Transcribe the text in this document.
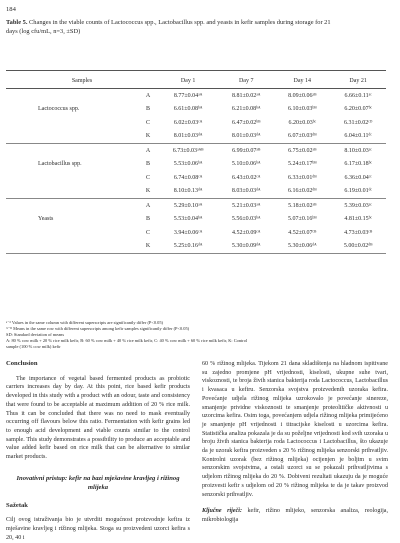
184
Table 5. Changes in the viable counts of Lactococcus spp., Lactobacillus spp. and yeasts in kefir samples during storage for 21 days (log cfu/mL, n=3, ±SD)
Samples		Day 1	Day 7	Day 14	Day 21
	A	8.77±0.04ᵃᴬ	8.81±0.02ᵃᴬ	8.09±0.06ᵃᴮ	6.66±0.11ᵃᶜ
Lactococcus spp.	B	6.61±0.08ᵇᴬ	6.21±0.08ᵇᴬ	6.10±0.03ᵇᴮ	6.20±0.07ᵇᶜ
	C	6.02±0.03ᶜᴬ	6.47±0.02ᵇᴮ	6.20±0.03ᵇᶜ	6.31±0.02ᶜᴰ
	K	8.01±0.03ᵈᴬ	8.01±0.03ᵈᴬ	6.07±0.03ᵈᴮ	6.04±0.11ᵈᶜ
	A	6.73±0.03ᵃᴬᴮ	6.99±0.07ᵃᴮ	6.75±0.02ᵃᴮ	8.10±0.03ᵃᶜ
Lactobacillus spp.	B	5.53±0.06ᵇᴬ	5.10±0.06ᵇᴬ	5.24±0.17ᵇᴮ	6.17±0.18ᵇᶜ
	C	6.74±0.08ᶜᴬ	6.43±0.02ᶜᴬ	6.33±0.01ᵈᴮ	6.36±0.04ᶜᶜ
	K	8.10±0.13ᵈᴬ	8.03±0.03ᵈᴬ	6.16±0.02ᵈᴮ	6.19±0.01ᵈᶜ
	A	5.29±0.10ᵃᴬ	5.21±0.03ᵃᴬ	5.18±0.02ᵃᴮ	5.39±0.03ᵃᶜ
Yeasts	B	5.53±0.04ᵇᴬ	5.56±0.03ᵇᴬ	5.07±0.16ᵇᴮ	4.81±0.15ᵇᶜ
	C	3.94±0.06ᶜᴬ	4.52±0.09ᶜᴬ	4.52±0.07ᶜᴮ	4.73±0.03ᶜᴮ
	K	5.25±0.16ᵈᴬ	5.30±0.09ᵈᴬ	5.30±0.06ᵈᴬ	5.00±0.02ᵈᴮ
ᵃ⁻ᵈ Values in the same column with different superscripts are significantly differ (P<0.05)
ᴬ⁻ᴰ Means in the same row with different superscripts among kefir samples significantly differ (P<0.05)
SD: Standard deviation of means
A: 80 % cow milk + 20 % rice milk kefir, B: 60 % cow milk + 40 % rice milk kefir, C: 40 % cow milk + 60 % rice milk kefir, K: Control
sample (100 % cow milk) kefir
Conclusion

The importance of vegetal based fermented products as probiotic carriers increases day by day. At this point, rice based kefir products developed in this study with a product with an odour, taste and consistency that were found to be acceptable at maximum addition of 20 % rice milk. Thus it can be concluded that there was no need to mask eventually occurring off flavours below this ratio. Fermentation with kefir grains led to enough acid development and viable counts similar to the control sample. This study demonstrates a possibility to produce an acceptable and value added kefir based on rice milk that can be alternative to similar market products.

Inovativni pristup: kefir na bazi mješavine kravljeg i rižinog mlijeka
Sažetak

Cilj ovog istraživanja bio je utvrditi mogućnost proizvodnje kefira iz mješavine kravljeg i rižinog mlijeka. Stoga su proizvedeni uzorci kefira s 20, 40 i

60 % rižinog mlijeka. Tijekom 21 dana skladištenja na hladnom ispitivane su zajedno promjene pH vrijednosti, kiselosti, ukupne suhe tvari, viskoznosti, te broja živih stanica bakterija roda Lactococcus, Lactobacillus i kvasaca u kefiru. Senzorska svojstva proizvedenih uzoraka kefira. Povećanje udjela rižinog mlijeka uzrokovalo je povećanje sinereze, smanjenje prividne viskoznosti te smanjenje proteolitičke aktivnosti u uzorcima kefira. Osim toga, povećanjem udjela rižinog mlijeka primijećeno je smanjenje pH vrijednosti i titracijske kiselosti u uzorcima kefira. Statistička analiza pokazala je da su poželjne vrijednosti kod svih uzoraka u broju živih stanica bakterija roda Lactococcus i Lactobacillus, što ukazuje da je uzorak kefira proizveden s 20 % rižinog mlijeka senzorski prihvatljiv. Kontrolni uzorak (bez rižinog mlijeka) ocijenjen je boljim u svim senzorskim svojstvima, a ostali uzorci su se pokazali prihvatljivima s udjelom rižinog mlijeka do 20 %. Dobiveni rezultati ukazuju da je moguće proizvesti kefir s udjelom od 20 % rižinog mlijeka te da je takav proizvod senzorski prihvatljiv.

Ključne riječi: kefir, rižino mlijeko, senzorska analiza, reologija, mikrobiologija
